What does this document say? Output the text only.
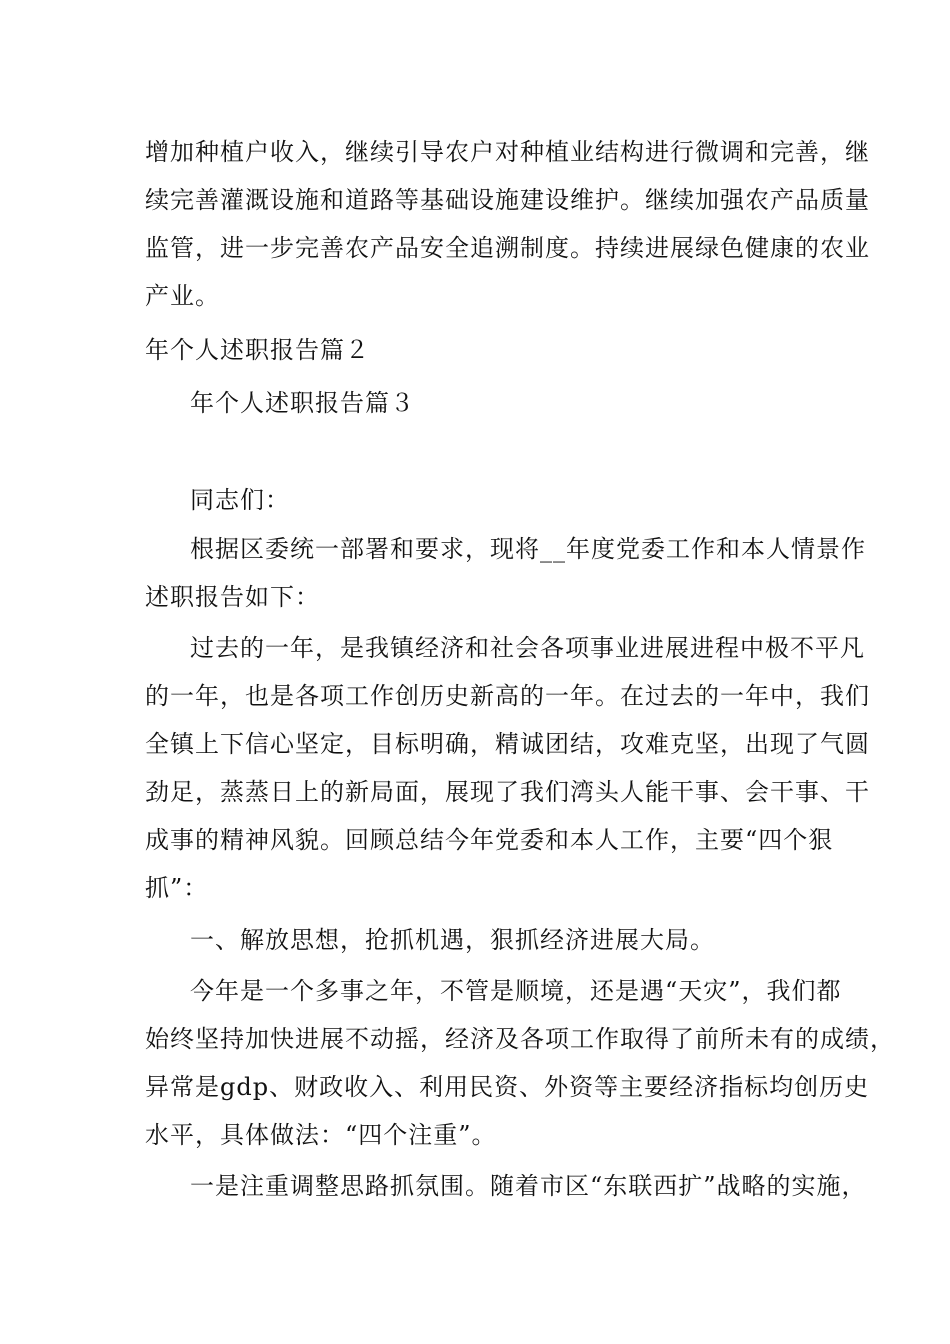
增加种植户收入，继续引导农户对种植业结构进行微调和完善，继
续完善灌溉设施和道路等基础设施建设维护。继续加强农产品质量
监管，进一步完善农产品安全追溯制度。持续进展绿色健康的农业
产业。
年个人述职报告篇２
年个人述职报告篇３
同志们：
根据区委统一部署和要求，现将__年度党委工作和本人情景作
述职报告如下：
过去的一年，是我镇经济和社会各项事业进展进程中极不平凡
的一年，也是各项工作创历史新高的一年。在过去的一年中，我们
全镇上下信心坚定，目标明确，精诚团结，攻难克坚，出现了气圆
劲足，蒸蒸日上的新局面，展现了我们湾头人能干事、会干事、干
成事的精神风貌。回顾总结今年党委和本人工作，主要“四个狠
抓”：
一、解放思想，抢抓机遇，狠抓经济进展大局。
今年是一个多事之年，不管是顺境，还是遇“天灾”，我们都
始终坚持加快进展不动摇，经济及各项工作取得了前所未有的成绩，
异常是gdp、财政收入、利用民资、外资等主要经济指标均创历史
水平，具体做法：“四个注重”。
一是注重调整思路抓氛围。随着市区“东联西扩”战略的实施，
